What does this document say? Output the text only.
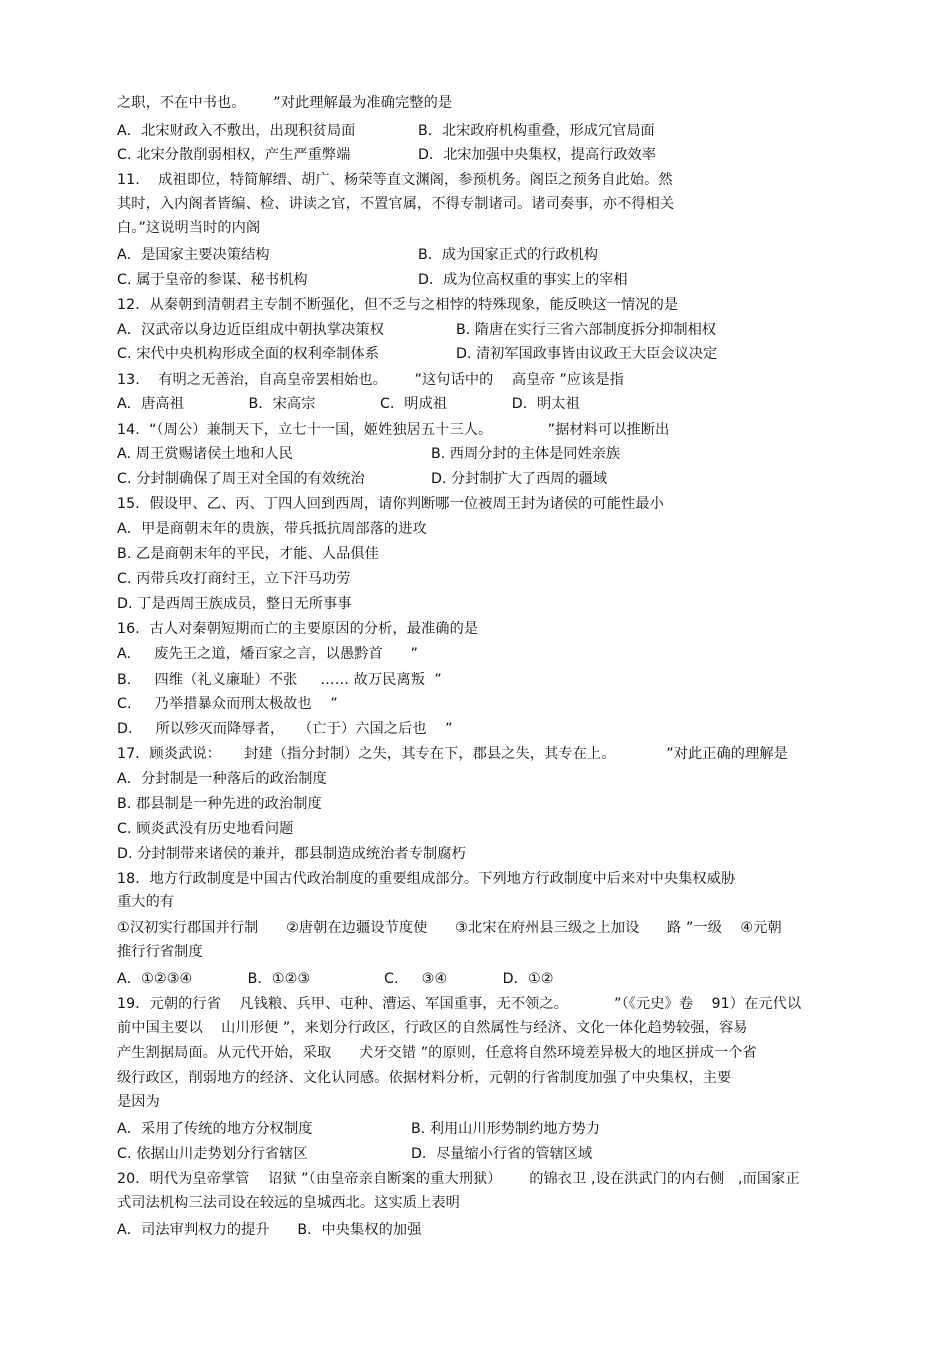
之职，不在中书也。      ”对此理解最为准确完整的是
A．北宋财政入不敷出，出现积贫局面	B．北宋政府机构重叠，形成冗官局面
C. 北宋分散削弱相权，产生严重弊端	D．北宋加强中央集权，提高行政效率
11.    成祖即位，特简解缙、胡广、杨荣等直文渊阁，参预机务。阁臣之预务自此始。然
其时，入内阁者皆编、检、讲读之官，不置官属，不得专制诸司。诸司奏事，亦不得相关
白。”这说明当时的内阁
A．是国家主要决策结构	B．成为国家正式的行政机构
C. 属于皇帝的参谋、秘书机构	D．成为位高权重的事实上的宰相
12．从秦朝到清朝君主专制不断强化，但不乏与之相悖的特殊现象，能反映这一情况的是
A．汉武帝以身边近臣组成中朝执掌决策权	B. 隋唐在实行三省六部制度拆分抑制相权
C. 宋代中央机构形成全面的权利牵制体系	D. 清初军国政事皆由议政王大臣会议决定
13.    有明之无善治，自高皇帝罢相始也。      ”这句话中的    高皇帝 ”应该是指
A．唐高祖              B．宋高宗              C．明成祖              D．明太祖
14.  “（周公）兼制天下，立七十一国，姬姓独居五十三人。            ”据材料可以推断出
A. 周王赏赐诸侯土地和人民	B. 西周分封的主体是同姓亲族
C. 分封制确保了周王对全国的有效统治	D. 分封制扩大了西周的疆域
15．假设甲、乙、丙、丁四人回到西周，请你判断哪一位被周王封为诸侯的可能性最小
A．甲是商朝末年的贵族，带兵抵抗周部落的进攻
B. 乙是商朝末年的平民，才能、人品俱佳
C. 丙带兵攻打商纣王，立下汗马功劳
D. 丁是西周王族成员，整日无所事事
16．古人对秦朝短期而亡的主要原因的分析，最准确的是
A.     废先王之道，燔百家之言，以愚黔首      ”
B.     四维（礼义廉耻）不张     …… 故万民离叛  ”
C.     乃举措暴众而刑太极故也    ”
D.     所以殄灭而降辱者，   （亡于）六国之后也    ”
17．顾炎武说：     封建（指分封制）之失，其专在下，郡县之失，其专在上。           ”对此正确的理解是
A．分封制是一种落后的政治制度
B. 郡县制是一种先进的政治制度
C. 顾炎武没有历史地看问题
D. 分封制带来诸侯的兼并，郡县制造成统治者专制腐朽
18．地方行政制度是中国古代政治制度的重要组成部分。下列地方行政制度中后来对中央集权威胁
重大的有
①汉初实行郡国并行制      ②唐朝在边疆设节度使      ③北宋在府州县三级之上加设      路 ”一级    ④元朝
推行行省制度
A．①②③④            B．①②③                C.     ③④            D．①②
19．元朝的行省    凡钱粮、兵甲、屯种、漕运、军国重事，无不领之。          ”（《元史》卷    91）在元代以
前中国主要以    山川形便 ”，来划分行政区，行政区的自然属性与经济、文化一体化趋势较强，容易
产生割据局面。从元代开始，采取      犬牙交错 ”的原则，任意将自然环境差异极大的地区拼成一个省
级行政区，削弱地方的经济、文化认同感。依据材料分析，元朝的行省制度加强了中央集权，主要
是因为
A．采用了传统的地方分权制度	B. 利用山川形势制约地方势力
C. 依据山川走势划分行省辖区	D．尽量缩小行省的管辖区域
20．明代为皇帝掌管    诏狱 ”（由皇帝亲自断案的重大刑狱）      的锦衣卫 ,设在洪武门的内右侧   ,而国家正
式司法机构三法司设在较远的皇城西北。这实质上表明
A．司法审判权力的提升      B．中央集权的加强
